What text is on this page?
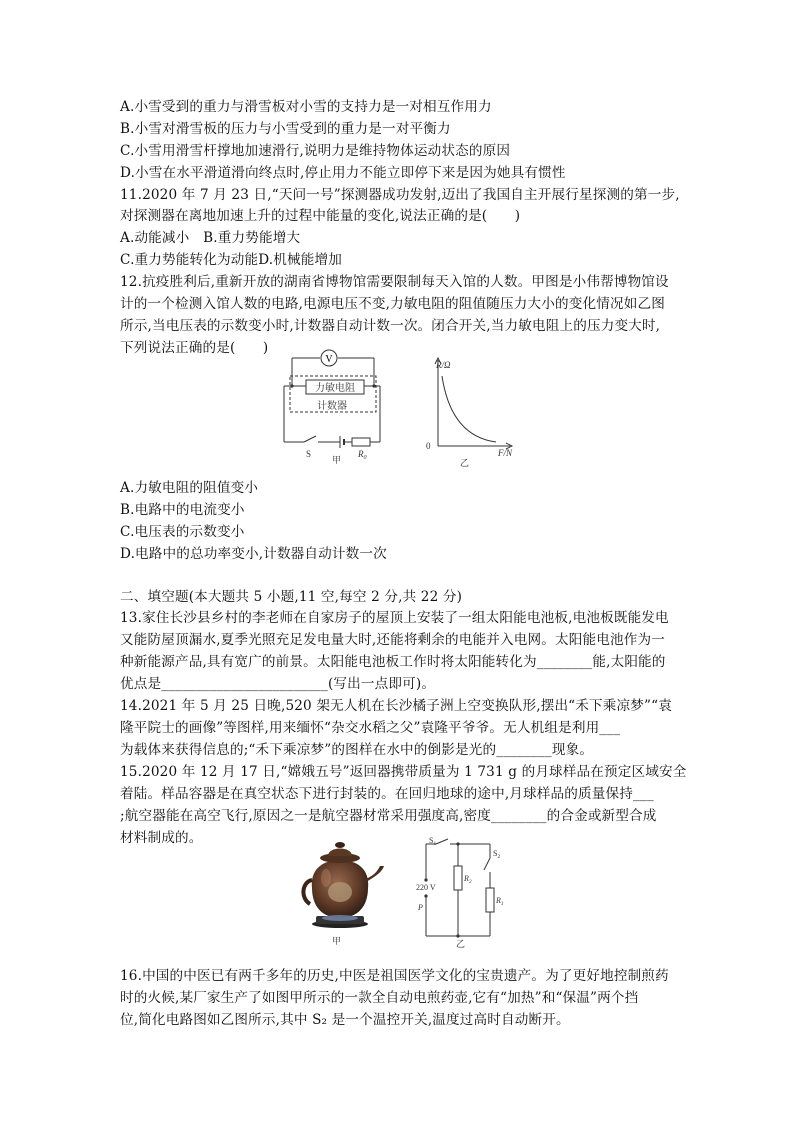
A.小雪受到的重力与滑雪板对小雪的支持力是一对相互作用力
B.小雪对滑雪板的压力与小雪受到的重力是一对平衡力
C.小雪用滑雪杆撑地加速滑行,说明力是维持物体运动状态的原因
D.小雪在水平滑道滑向终点时,停止用力不能立即停下来是因为她具有惯性
11.2020 年 7 月 23 日,“天问一号”探测器成功发射,迈出了我国自主开展行星探测的第一步,
对探测器在离地加速上升的过程中能量的变化,说法正确的是(　　)
A.动能减小　B.重力势能增大
C.重力势能转化为动能D.机械能增加
12.抗疫胜利后,重新开放的湖南省博物馆需要限制每天入馆的人数。甲图是小伟帮博物馆设
计的一个检测入馆人数的电路,电源电压不变,力敏电阻的阻值随压力大小的变化情况如乙图
所示,当电压表的示数变小时,计数器自动计数一次。闭合开关,当力敏电阻上的压力变大时,
下列说法正确的是(　　)
V
力敏电阻
计数器
S	$R_0$
甲
R/Ω
0
F/N
乙
A.力敏电阻的阻值变小
B.电路中的电流变小
C.电压表的示数变小
D.电路中的总功率变小,计数器自动计数一次
二、填空题(本大题共 5 小题,11 空,每空 2 分,共 22 分)
13.家住长沙县乡村的李老师在自家房子的屋顶上安装了一组太阳能电池板,电池板既能发电
又能防屋顶漏水,夏季光照充足发电量大时,还能将剩余的电能并入电网。太阳能电池作为一
种新能源产品,具有宽广的前景。太阳能电池板工作时将太阳能转化为________能,太阳能的
优点是________________________(写出一点即可)。
14.2021 年 5 月 25 日晚,520 架无人机在长沙橘子洲上空变换队形,摆出“禾下乘凉梦”“袁
隆平院士的画像”等图样,用来缅怀“杂交水稻之父”袁隆平爷爷。无人机组是利用___
为载体来获得信息的;“禾下乘凉梦”的图样在水中的倒影是光的________现象。
15.2020 年 12 月 17 日,“嫦娥五号”返回器携带质量为 1 731 g 的月球样品在预定区域安全
着陆。样品容器是在真空状态下进行封装的。在回归地球的途中,月球样品的质量保持___
;航空器能在高空飞行,原因之一是航空器材常采用强度高,密度________的合金或新型合成
材料制成的。
甲
$S_1$
$S_2$
220 V
P
$R_2$
$R_1$
乙
16.中国的中医已有两千多年的历史,中医是祖国医学文化的宝贵遗产。为了更好地控制煎药
时的火候,某厂家生产了如图甲所示的一款全自动电煎药壶,它有“加热”和“保温”两个挡
位,简化电路图如乙图所示,其中 S₂ 是一个温控开关,温度过高时自动断开。
